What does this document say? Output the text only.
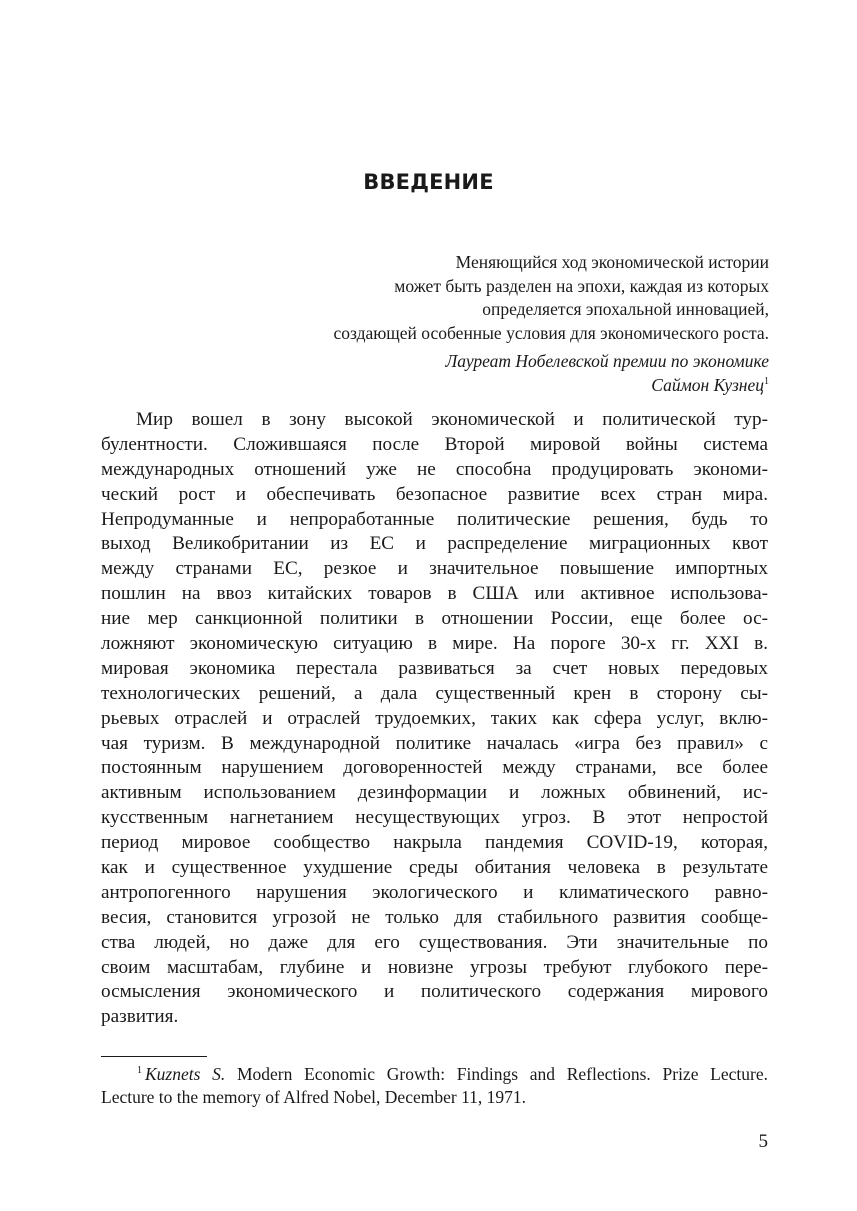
ВВЕДЕНИЕ
Меняющийся ход экономической истории
может быть разделен на эпохи, каждая из которых
определяется эпохальной инновацией,
создающей особенные условия для экономического роста.
Лауреат Нобелевской премии по экономике
Саймон Кузнец$^1$
Мир вошел в зону высокой экономической и политической тур-
булентности. Сложившаяся после Второй мировой войны система
международных отношений уже не способна продуцировать экономи-
ческий рост и обеспечивать безопасное развитие всех стран мира.
Непродуманные и непроработанные политические решения, будь то
выход Великобритании из ЕС и распределение миграционных квот
между странами ЕС, резкое и значительное повышение импортных
пошлин на ввоз китайских товаров в США или активное использова-
ние мер санкционной политики в отношении России, еще более ос-
ложняют экономическую ситуацию в мире. На пороге 30-х гг. XXI в.
мировая экономика перестала развиваться за счет новых передовых
технологических решений, а дала существенный крен в сторону сы-
рьевых отраслей и отраслей трудоемких, таких как сфера услуг, вклю-
чая туризм. В международной политике началась «игра без правил» с
постоянным нарушением договоренностей между странами, все более
активным использованием дезинформации и ложных обвинений, ис-
кусственным нагнетанием несуществующих угроз. В этот непростой
период мировое сообщество накрыла пандемия COVID-19, которая,
как и существенное ухудшение среды обитания человека в результате
антропогенного нарушения экологического и климатического равно-
весия, становится угрозой не только для стабильного развития сообще-
ства людей, но даже для его существования. Эти значительные по
своим масштабам, глубине и новизне угрозы требуют глубокого пере-
осмысления экономического и политического содержания мирового
развития.
$^1$ Kuznets S. Modern Economic Growth: Findings and Reflections. Prize Lecture.
Lecture to the memory of Alfred Nobel, December 11, 1971.
5
